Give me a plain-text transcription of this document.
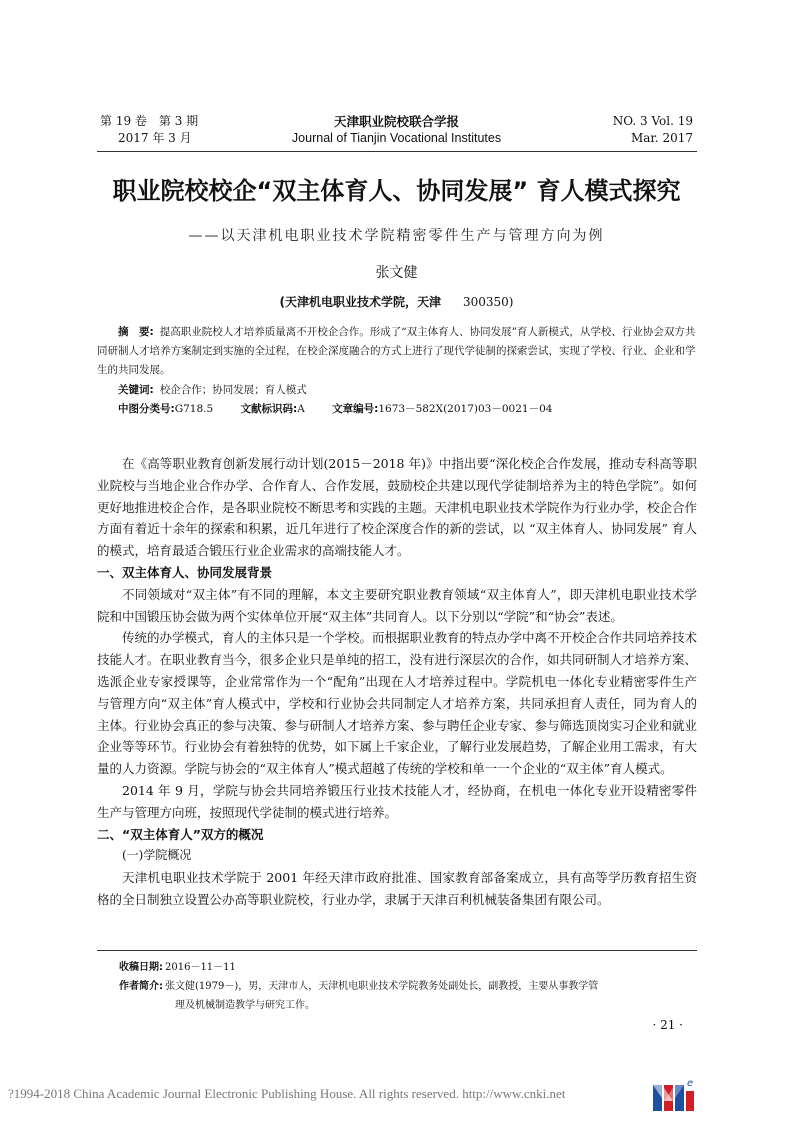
第 19 卷　第 3 期
2017 年 3 月
天津职业院校联合学报
Journal of Tianjin Vocational Institutes
NO. 3 Vol. 19
Mar. 2017
职业院校校企“双主体育人、协同发展” 育人模式探究
——以天津机电职业技术学院精密零件生产与管理方向为例
张文健
(天津机电职业技术学院，天津 300350)
摘　要: 提高职业院校人才培养质量离不开校企合作。形成了“双主体育人、协同发展”育人新模式，从学校、行业协会双方共同研制人才培养方案制定到实施的全过程，在校企深度融合的方式上进行了现代学徒制的探索尝试，实现了学校、行业、企业和学生的共同发展。
关键词: 校企合作；协同发展；育人模式
中图分类号:G718.5	文献标识码:A	文章编号:1673－582X(2017)03－0021－04

在《高等职业教育创新发展行动计划(2015－2018 年)》中指出要“深化校企合作发展，推动专科高等职业院校与当地企业合作办学、合作育人、合作发展，鼓励校企共建以现代学徒制培养为主的特色学院”。如何更好地推进校企合作，是各职业院校不断思考和实践的主题。天津机电职业技术学院作为行业办学，校企合作方面有着近十余年的探索和积累，近几年进行了校企深度合作的新的尝试，以 “双主体育人、协同发展” 育人的模式，培育最适合锻压行业企业需求的高端技能人才。

一、双主体育人、协同发展背景

不同领域对“双主体”有不同的理解，本文主要研究职业教育领域“双主体育人”，即天津机电职业技术学院和中国锻压协会做为两个实体单位开展“双主体”共同育人。以下分别以“学院”和“协会”表述。

传统的办学模式，育人的主体只是一个学校。而根据职业教育的特点办学中离不开校企合作共同培养技术技能人才。在职业教育当今，很多企业只是单纯的招工，没有进行深层次的合作，如共同研制人才培养方案、选派企业专家授课等，企业常常作为一个“配角”出现在人才培养过程中。学院机电一体化专业精密零件生产与管理方向“双主体”育人模式中，学校和行业协会共同制定人才培养方案，共同承担育人责任，同为育人的主体。行业协会真正的参与决策、参与研制人才培养方案、参与聘任企业专家、参与筛选顶岗实习企业和就业企业等等环节。行业协会有着独特的优势，如下属上千家企业，了解行业发展趋势，了解企业用工需求，有大量的人力资源。学院与协会的“双主体育人”模式超越了传统的学校和单一一个企业的“双主体”育人模式。

2014 年 9 月，学院与协会共同培养锻压行业技术技能人才，经协商，在机电一体化专业开设精密零件生产与管理方向班，按照现代学徒制的模式进行培养。

二、“双主体育人”双方的概况
(一)学院概况

天津机电职业技术学院于 2001 年经天津市政府批准、国家教育部备案成立，具有高等学历教育招生资格的全日制独立设置公办高等职业院校，行业办学，隶属于天津百利机械装备集团有限公司。

收稿日期: 2016－11－11
作者简介: 张文健(1979－)，男，天津市人，天津机电职业技术学院教务处副处长，副教授，主要从事教学管
理及机械制造教学与研究工作。
· 21 ·
?1994-2018 China Academic Journal Electronic Publishing House. All rights reserved. http://www.cnki.net
e
